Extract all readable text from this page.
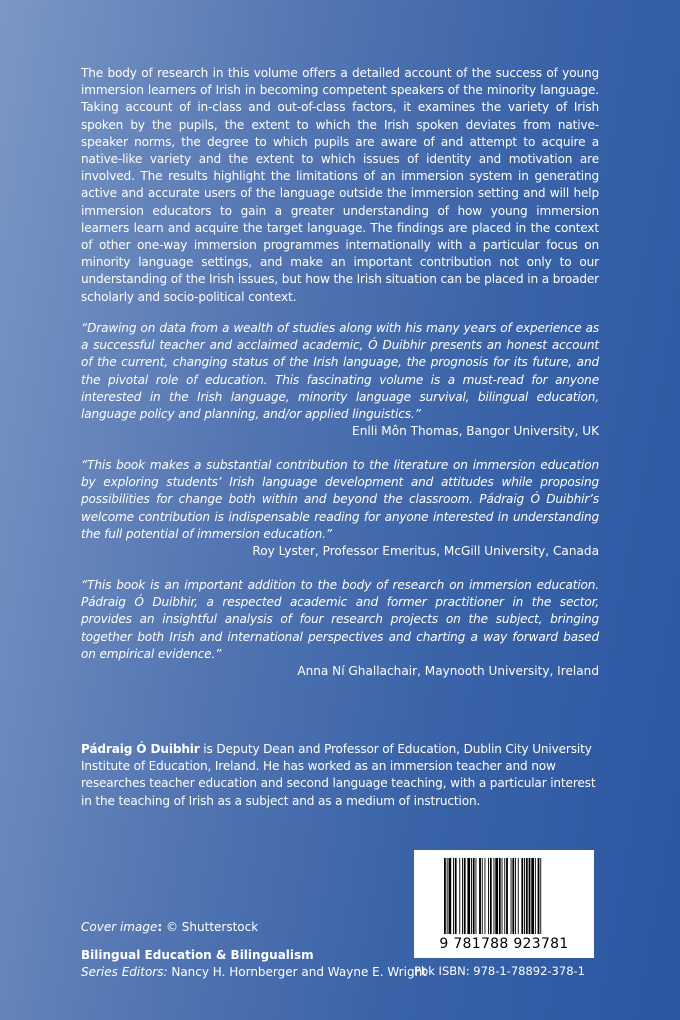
The body of research in this volume offers a detailed account of the success of young immersion learners of Irish in becoming competent speakers of the minority language. Taking account of in-class and out-of-class factors, it examines the variety of Irish spoken by the pupils, the extent to which the Irish spoken deviates from native-speaker norms, the degree to which pupils are aware of and attempt to acquire a native-like variety and the extent to which issues of identity and motivation are involved. The results highlight the limitations of an immersion system in generating active and accurate users of the language outside the immersion setting and will help immersion educators to gain a greater understanding of how young immersion learners learn and acquire the target language. The findings are placed in the context of other one-way immersion programmes internationally with a particular focus on minority language settings, and make an important contribution not only to our understanding of the Irish issues, but how the Irish situation can be placed in a broader scholarly and socio-political context.

“Drawing on data from a wealth of studies along with his many years of experience as a successful teacher and acclaimed academic, Ó Duibhir presents an honest account of the current, changing status of the Irish language, the prognosis for its future, and the pivotal role of education. This fascinating volume is a must-read for anyone interested in the Irish language, minority language survival, bilingual education, language policy and planning, and/or applied linguistics.”

Enlli Môn Thomas, Bangor University, UK

“This book makes a substantial contribution to the literature on immersion education by exploring students’ Irish language development and attitudes while proposing possibilities for change both within and beyond the classroom. Pádraig Ó Duibhir’s welcome contribution is indispensable reading for anyone interested in understanding the full potential of immersion education.”

Roy Lyster, Professor Emeritus, McGill University, Canada

“This book is an important addition to the body of research on immersion education. Pádraig Ó Duibhir, a respected academic and former practitioner in the sector, provides an insightful analysis of four research projects on the subject, bringing together both Irish and international perspectives and charting a way forward based on empirical evidence.”

Anna Ní Ghallachair, Maynooth University, Ireland

Pádraig Ó Duibhir is Deputy Dean and Professor of Education, Dublin City University Institute of Education, Ireland. He has worked as an immersion teacher and now researches teacher education and second language teaching, with a particular interest in the teaching of Irish as a subject and as a medium of instruction.

Cover image: © Shutterstock
Bilingual Education & Bilingualism
Series Editors: Nancy H. Hornberger and Wayne E. Wright
9 781788 923781
Pbk ISBN: 978-1-78892-378-1
